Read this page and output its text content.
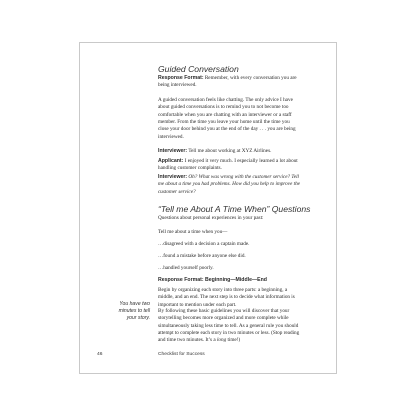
Guided Conversation
Response Format: Remember, with every conversation you are
being interviewed.
A guided conversation feels like chatting. The only advice I have
about guided conversations is to remind you to not become too
comfortable when you are chatting with an interviewer or a staff
member. From the time you leave your home until the time you
close your door behind you at the end of the day . . . you are being
interviewed.
Interviewer: Tell me about working at XYZ Airlines.
Applicant: I enjoyed it very much. I especially learned a lot about
handling customer complaints.
Interviewer: Oh? What was wrong with the customer service? Tell
me about a time you had problems. How did you help to improve the
customer service?
“Tell me About A Time When” Questions
Questions about personal experiences in your past:
Tell me about a time when you—
…disagreed with a decision a captain made.
…found a mistake before anyone else did.
…handled yourself poorly.
Response Format: Beginning—Middle—End
Begin by organizing each story into three parts: a beginning, a
middle, and an end. The next step is to decide what information is
important to mention under each part.
By following these basic guidelines you will discover that your
storytelling becomes more organized and more complete while
simultaneously taking less time to tell. As a general rule you should
attempt to complete each story in two minutes or less. (Stop reading
and time two minutes. It’s a long time!)
You have two
minutes to tell
your story.
46	Checklist for Success
